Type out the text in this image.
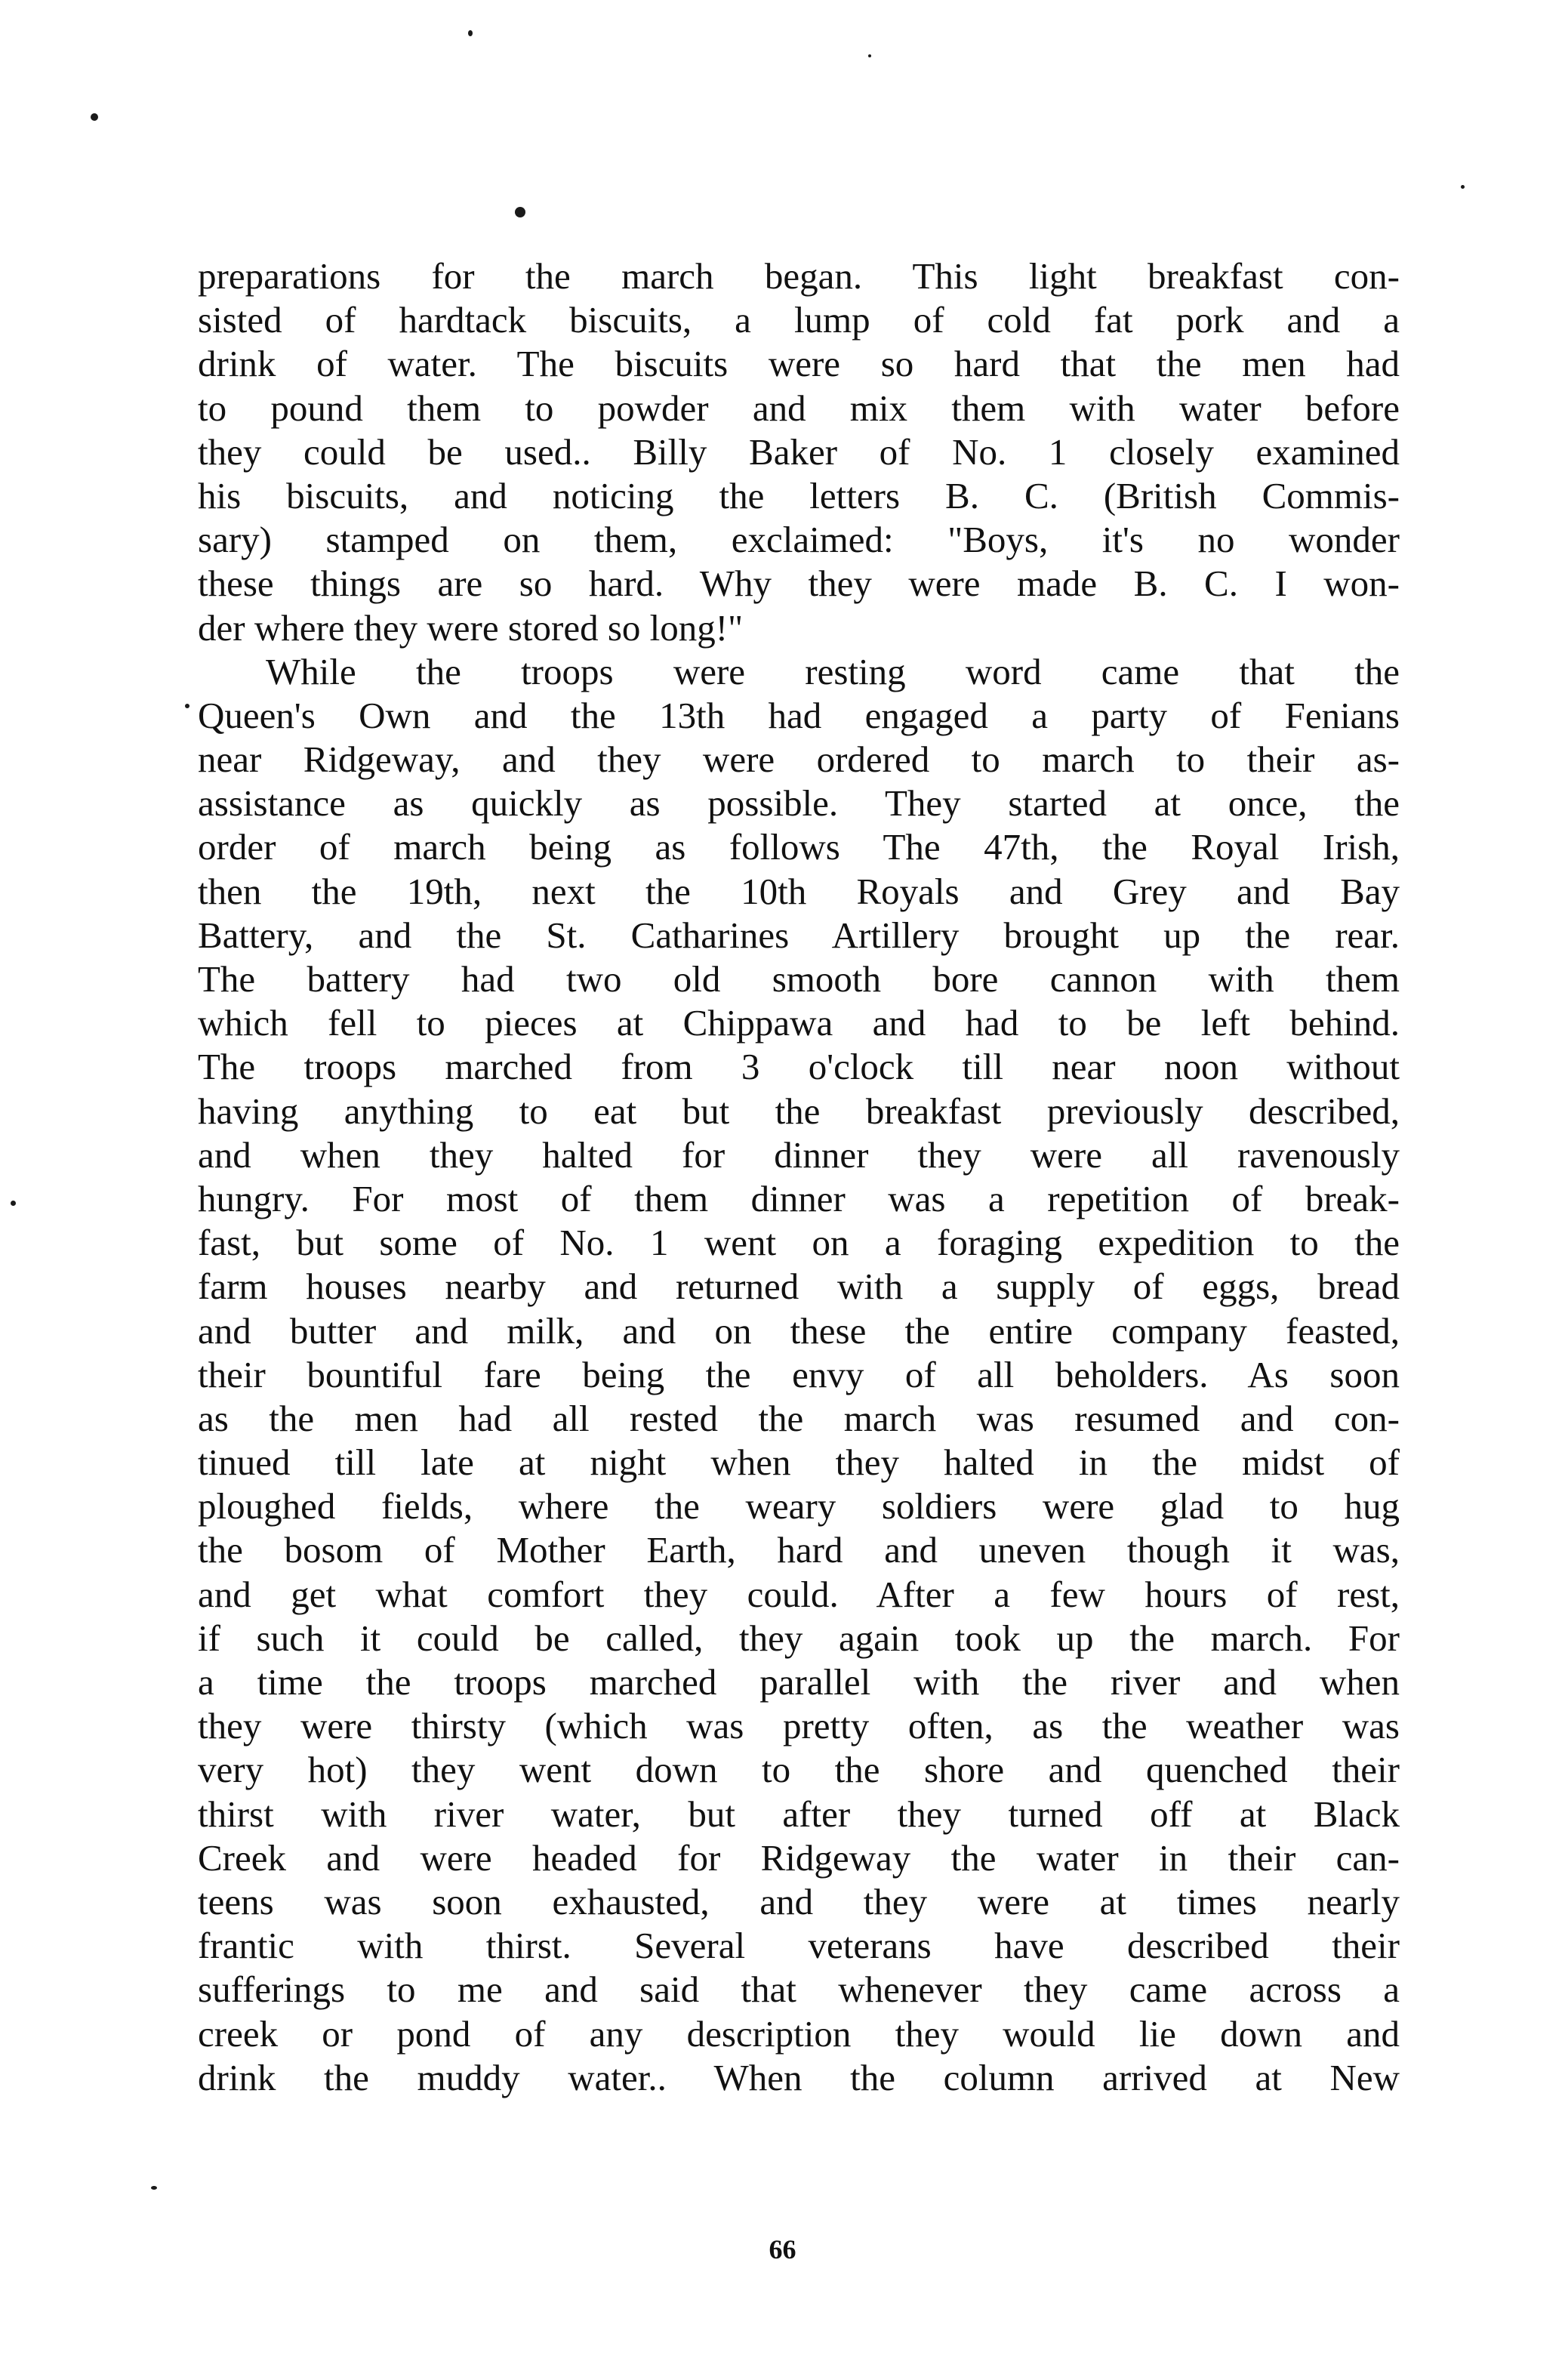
preparations for the march began. This light breakfast con-
sisted of hardtack biscuits, a lump of cold fat pork and a
drink of water. The biscuits were so hard that the men had
to pound them to powder and mix them with water before
they could be used.. Billy Baker of No. 1 closely examined
his biscuits, and noticing the letters B. C. (British Commis-
sary) stamped on them, exclaimed: "Boys, it's no wonder
these things are so hard. Why they were made B. C. I won-
der where they were stored so long!"
While the troops were resting word came that the
Queen's Own and the 13th had engaged a party of Fenians
near Ridgeway, and they were ordered to march to their as-
assistance as quickly as possible. They started at once, the
order of march being as follows The 47th, the Royal Irish,
then the 19th, next the 10th Royals and Grey and Bay
Battery, and the St. Catharines Artillery brought up the rear.
The battery had two old smooth bore cannon with them
which fell to pieces at Chippawa and had to be left behind.
The troops marched from 3 o'clock till near noon without
having anything to eat but the breakfast previously described,
and when they halted for dinner they were all ravenously
hungry. For most of them dinner was a repetition of break-
fast, but some of No. 1 went on a foraging expedition to the
farm houses nearby and returned with a supply of eggs, bread
and butter and milk, and on these the entire company feasted,
their bountiful fare being the envy of all beholders. As soon
as the men had all rested the march was resumed and con-
tinued till late at night when they halted in the midst of
ploughed fields, where the weary soldiers were glad to hug
the bosom of Mother Earth, hard and uneven though it was,
and get what comfort they could. After a few hours of rest,
if such it could be called, they again took up the march. For
a time the troops marched parallel with the river and when
they were thirsty (which was pretty often, as the weather was
very hot) they went down to the shore and quenched their
thirst with river water, but after they turned off at Black
Creek and were headed for Ridgeway the water in their can-
teens was soon exhausted, and they were at times nearly
frantic with thirst. Several veterans have described their
sufferings to me and said that whenever they came across a
creek or pond of any description they would lie down and
drink the muddy water.. When the column arrived at New
66
